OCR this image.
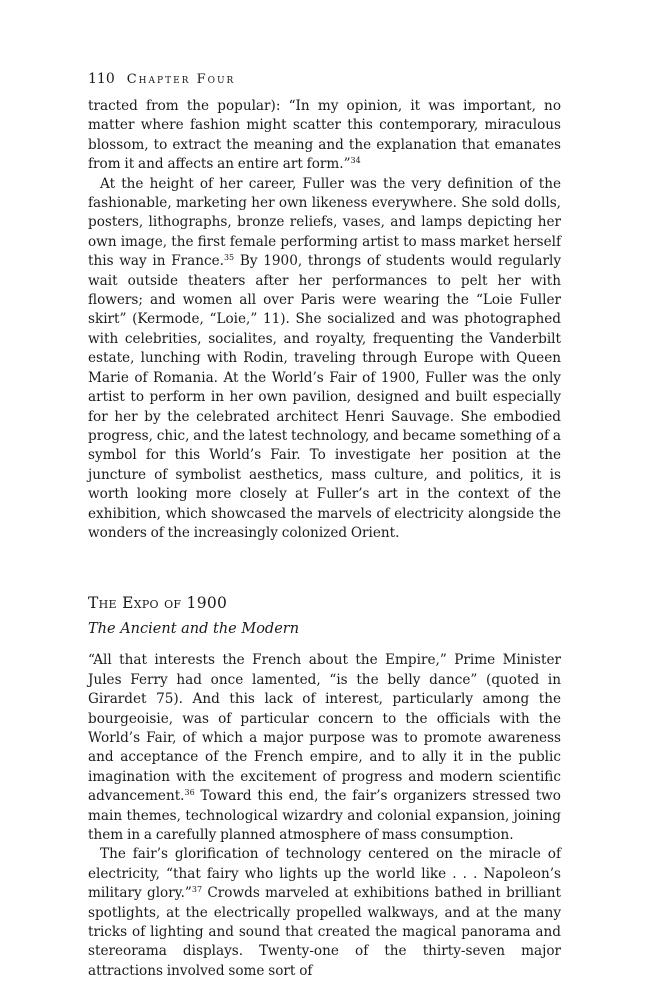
110 Chapter Four

tracted from the popular): “In my opinion, it was important, no matter where fashion might scatter this contemporary, miraculous blossom, to extract the meaning and the explanation that emanates from it and affects an entire art form.”$^{34}$

At the height of her career, Fuller was the very definition of the fashionable, marketing her own likeness everywhere. She sold dolls, posters, lithographs, bronze reliefs, vases, and lamps depicting her own image, the first female performing artist to mass market herself this way in France.$^{35}$ By 1900, throngs of students would regularly wait outside theaters after her performances to pelt her with flowers; and women all over Paris were wearing the “Loie Fuller skirt” (Kermode, “Loie,” 11). She socialized and was photographed with celebrities, socialites, and royalty, frequenting the Vanderbilt estate, lunching with Rodin, traveling through Europe with Queen Marie of Romania. At the World’s Fair of 1900, Fuller was the only artist to perform in her own pavilion, designed and built especially for her by the celebrated architect Henri Sauvage. She embodied progress, chic, and the latest technology, and became something of a symbol for this World’s Fair. To investigate her position at the juncture of symbolist aesthetics, mass culture, and politics, it is worth looking more closely at Fuller’s art in the context of the exhibition, which showcased the marvels of electricity alongside the wonders of the increasingly colonized Orient.

The Expo of 1900
The Ancient and the Modern

“All that interests the French about the Empire,” Prime Minister Jules Ferry had once lamented, “is the belly dance” (quoted in Girardet 75). And this lack of interest, particularly among the bourgeoisie, was of particular concern to the officials with the World’s Fair, of which a major purpose was to promote awareness and acceptance of the French empire, and to ally it in the public imagination with the excitement of progress and modern scientific advancement.$^{36}$ Toward this end, the fair’s organizers stressed two main themes, technological wizardry and colonial expansion, joining them in a carefully planned atmosphere of mass consumption.

The fair’s glorification of technology centered on the miracle of electricity, “that fairy who lights up the world like . . . Napoleon’s military glory.”$^{37}$ Crowds marveled at exhibitions bathed in brilliant spotlights, at the electrically propelled walkways, and at the many tricks of lighting and sound that created the magical panorama and stereorama displays. Twenty-one of the thirty-seven major attractions involved some sort of
